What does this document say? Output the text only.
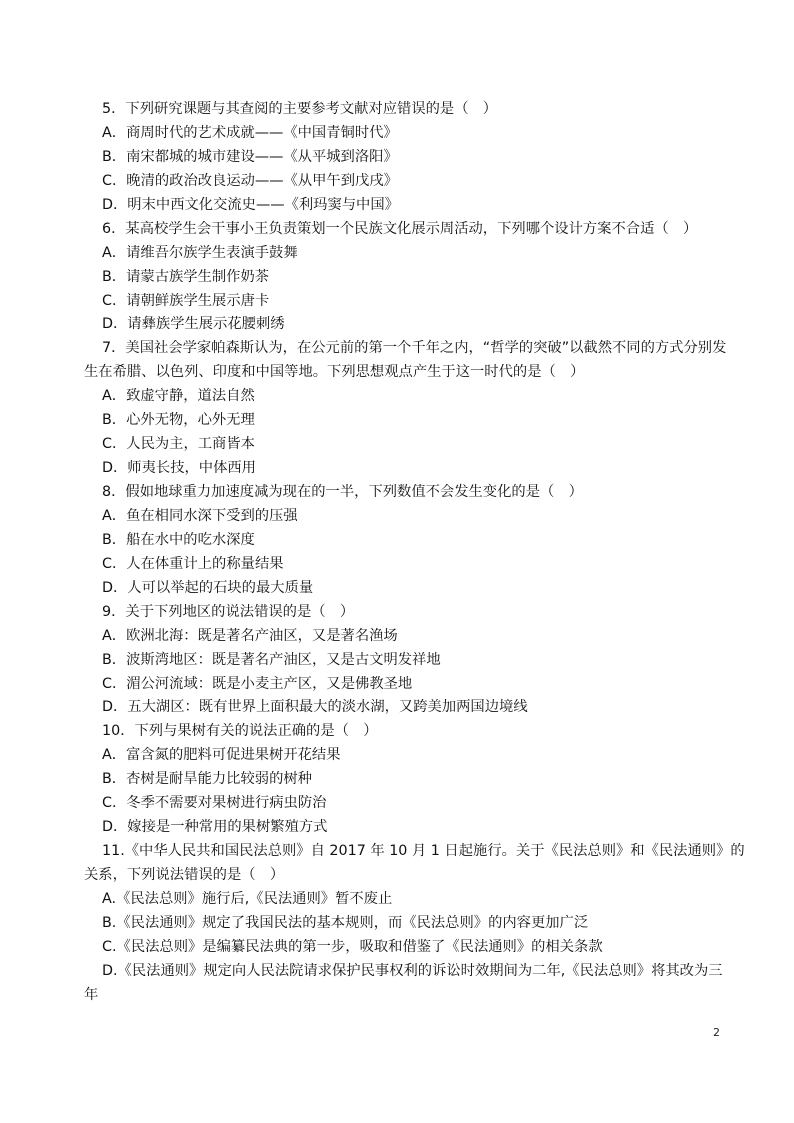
5．下列研究课题与其查阅的主要参考文献对应错误的是（　）
A．商周时代的艺术成就——《中国青铜时代》
B．南宋都城的城市建设——《从平城到洛阳》
C．晚清的政治改良运动——《从甲午到戊戌》
D．明末中西文化交流史——《利玛窦与中国》
6．某高校学生会干事小王负责策划一个民族文化展示周活动，下列哪个设计方案不合适（　）
A．请维吾尔族学生表演手鼓舞
B．请蒙古族学生制作奶茶
C．请朝鲜族学生展示唐卡
D．请彝族学生展示花腰刺绣
7．美国社会学家帕森斯认为，在公元前的第一个千年之内，“哲学的突破”以截然不同的方式分别发
生在希腊、以色列、印度和中国等地。下列思想观点产生于这一时代的是（　）
A．致虚守静，道法自然
B．心外无物，心外无理
C．人民为主，工商皆本
D．师夷长技，中体西用
8．假如地球重力加速度减为现在的一半，下列数值不会发生变化的是（　）
A．鱼在相同水深下受到的压强
B．船在水中的吃水深度
C．人在体重计上的称量结果
D．人可以举起的石块的最大质量
9．关于下列地区的说法错误的是（　）
A．欧洲北海：既是著名产油区，又是著名渔场
B．波斯湾地区：既是著名产油区，又是古文明发祥地
C．湄公河流域：既是小麦主产区，又是佛教圣地
D．五大湖区：既有世界上面积最大的淡水湖，又跨美加两国边境线
10．下列与果树有关的说法正确的是（　）
A．富含氮的肥料可促进果树开花结果
B．杏树是耐旱能力比较弱的树种
C．冬季不需要对果树进行病虫防治
D．嫁接是一种常用的果树繁殖方式
11.《中华人民共和国民法总则》自 2017 年 10 月 1 日起施行。关于《民法总则》和《民法通则》的
关系，下列说法错误的是（　）
A.《民法总则》施行后,《民法通则》暂不废止
B.《民法通则》规定了我国民法的基本规则，而《民法总则》的内容更加广泛
C.《民法总则》是编纂民法典的第一步，吸取和借鉴了《民法通则》的相关条款
D.《民法通则》规定向人民法院请求保护民事权利的诉讼时效期间为二年,《民法总则》将其改为三
年
2
